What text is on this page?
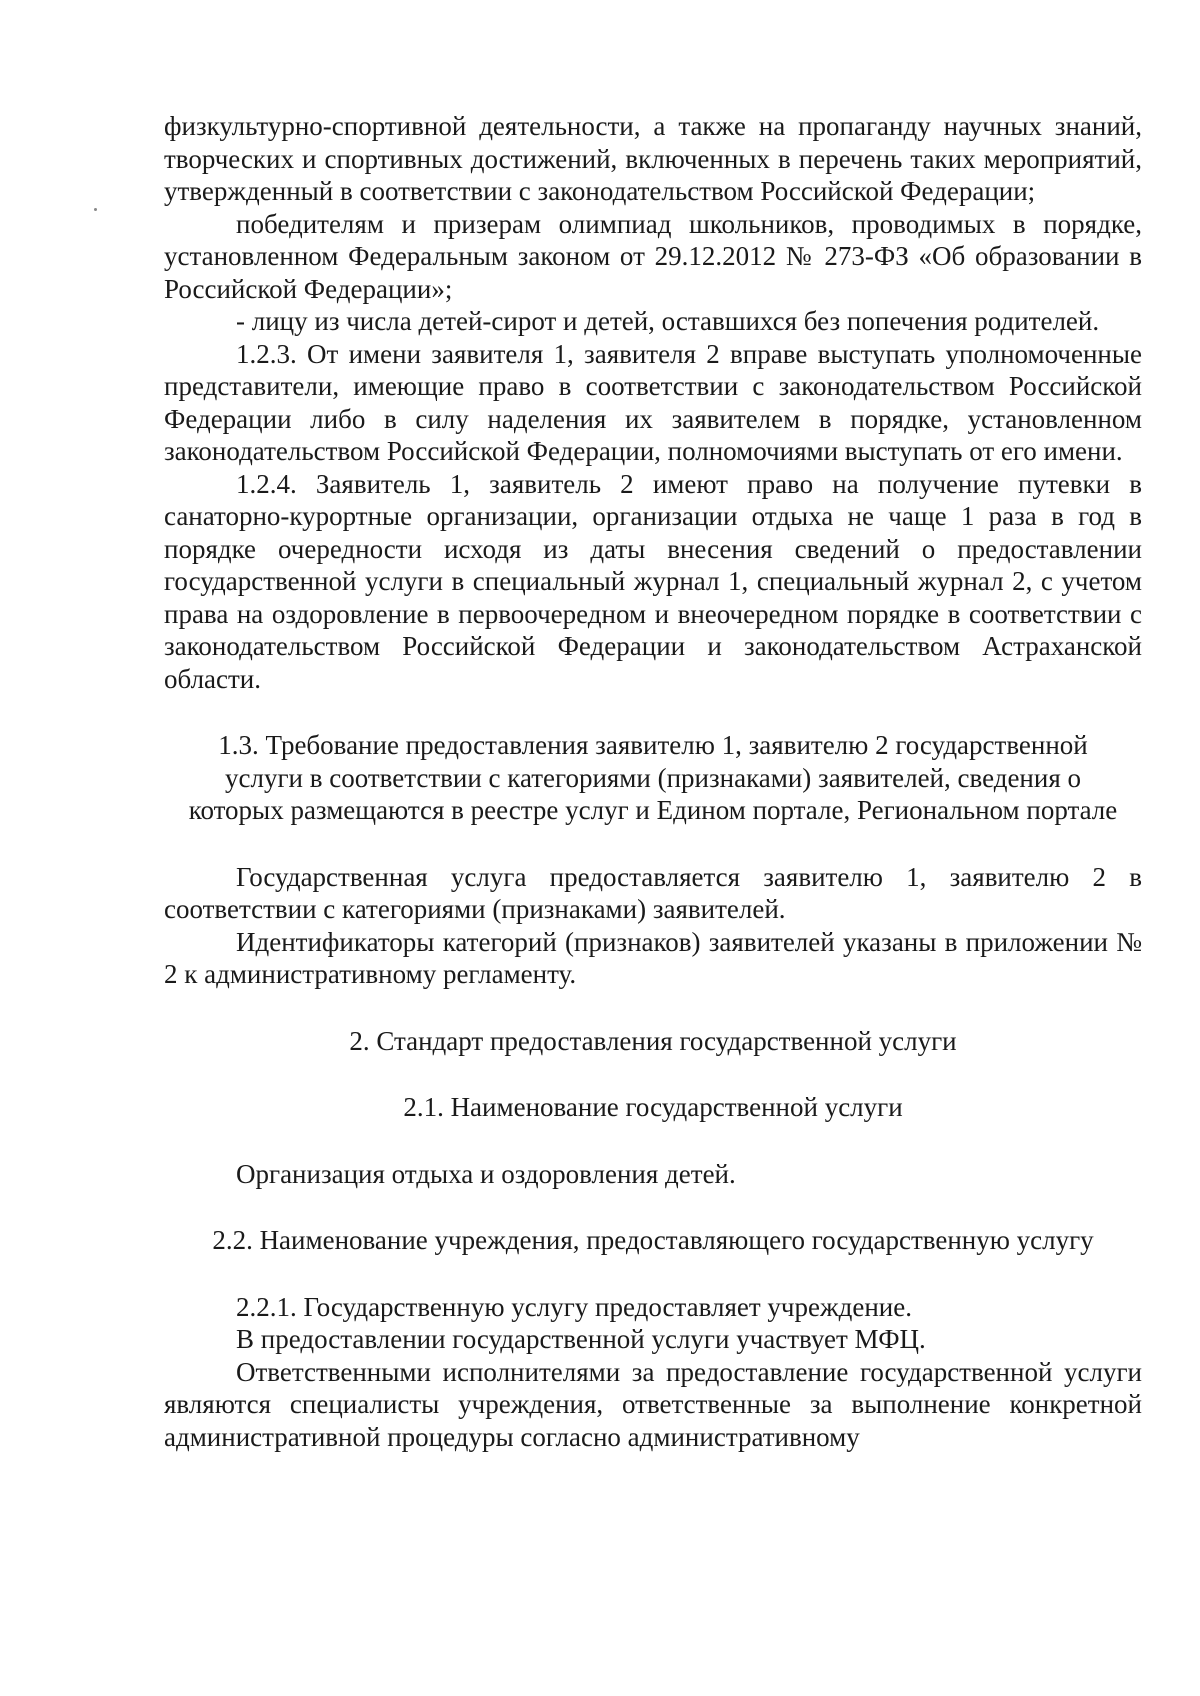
физкультурно-спортивной деятельности, а также на пропаганду научных знаний, творческих и спортивных достижений, включенных в перечень таких мероприятий, утвержденный в соответствии с законодательством Российской Федерации;

победителям и призерам олимпиад школьников, проводимых в порядке, установленном Федеральным законом от 29.12.2012 № 273-ФЗ «Об образовании в Российской Федерации»;

- лицу из числа детей-сирот и детей, оставшихся без попечения родителей.

1.2.3. От имени заявителя 1, заявителя 2 вправе выступать уполномоченные представители, имеющие право в соответствии с законодательством Российской Федерации либо в силу наделения их заявителем в порядке, установленном законодательством Российской Федерации, полномочиями выступать от его имени.

1.2.4. Заявитель 1, заявитель 2 имеют право на получение путевки в санаторно-курортные организации, организации отдыха не чаще 1 раза в год в порядке очередности исходя из даты внесения сведений о предоставлении государственной услуги в специальный журнал 1, специальный журнал 2, с учетом права на оздоровление в первоочередном и внеочередном порядке в соответствии с законодательством Российской Федерации и законодательством Астраханской области.

1.3. Требование предоставления заявителю 1, заявителю 2 государственной услуги в соответствии с категориями (признаками) заявителей, сведения о которых размещаются в реестре услуг и Едином портале, Региональном портале

Государственная услуга предоставляется заявителю 1, заявителю 2 в соответствии с категориями (признаками) заявителей.

Идентификаторы категорий (признаков) заявителей указаны в приложении № 2 к административному регламенту.

2. Стандарт предоставления государственной услуги

2.1. Наименование государственной услуги

Организация отдыха и оздоровления детей.

2.2. Наименование учреждения, предоставляющего государственную услугу

2.2.1. Государственную услугу предоставляет учреждение.

В предоставлении государственной услуги участвует МФЦ.

Ответственными исполнителями за предоставление государственной услуги являются специалисты учреждения, ответственные за выполнение конкретной административной процедуры согласно административному
